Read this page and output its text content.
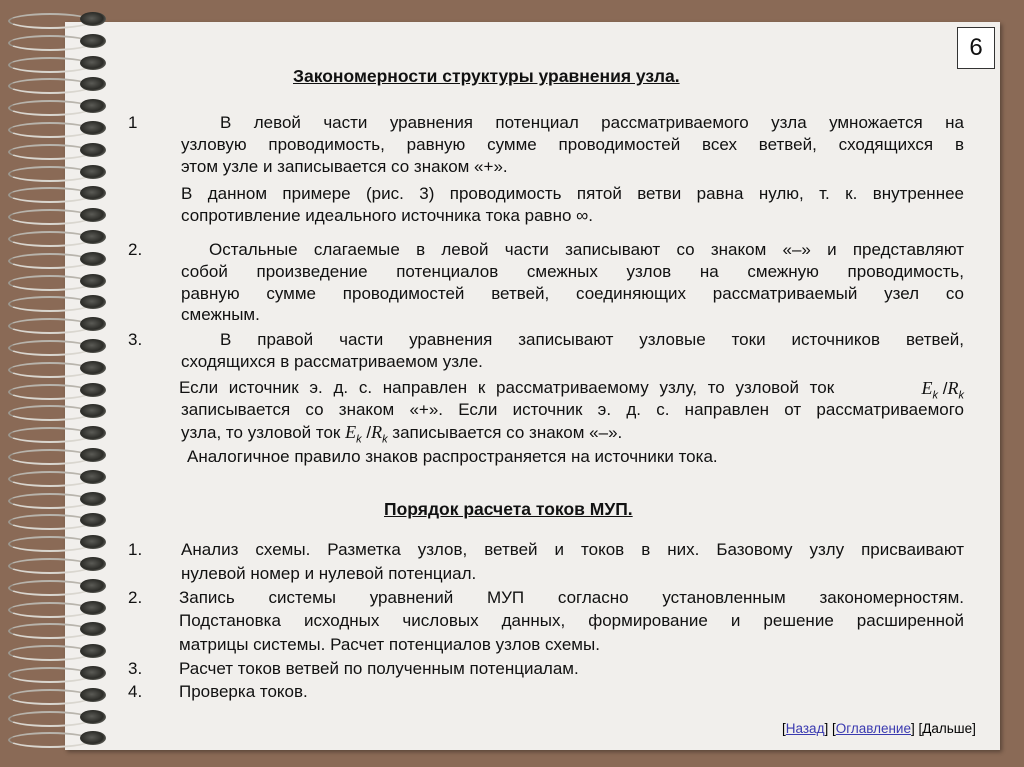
6
Закономерности структуры уравнения узла.
1	В левой части уравнения потенциал рассматриваемого узла умножается на
узловую проводимость, равную сумме проводимостей всех ветвей, сходящихся в
этом узле и записывается со знаком «+».
В данном примере (рис. 3) проводимость пятой ветви равна нулю, т. к. внутреннее
сопротивление идеального источника тока равно ∞.
2.	Остальные слагаемые в левой части записывают со знаком «–» и представляют
собой произведение потенциалов смежных узлов на смежную проводимость,
равную сумме проводимостей ветвей, соединяющих рассматриваемый узел со
смежным.
3.	В правой части уравнения записывают узловые токи источников ветвей,
сходящихся в рассматриваемом узле.
Если источник э. д. с. направлен к рассматриваемому узлу, то узловой ток	$E_k$ $/R_k$
записывается со знаком «+». Если источник э. д. с. направлен от рассматриваемого
узла, то узловой ток $E_k$ $/R_k$ записывается со знаком «–».
Аналогичное правило знаков распространяется на источники тока.
Порядок расчета токов МУП.
1. Анализ схемы. Разметка узлов, ветвей и токов в них. Базовому узлу присваивают
нулевой номер и нулевой потенциал.
2. Запись системы уравнений МУП согласно установленным закономерностям.
Подстановка исходных числовых данных, формирование и решение расширенной
матрицы системы. Расчет потенциалов узлов схемы.
3. Расчет токов ветвей по полученным потенциалам.
4. Проверка токов.
[Назад] [Оглавление] [Дальше]
